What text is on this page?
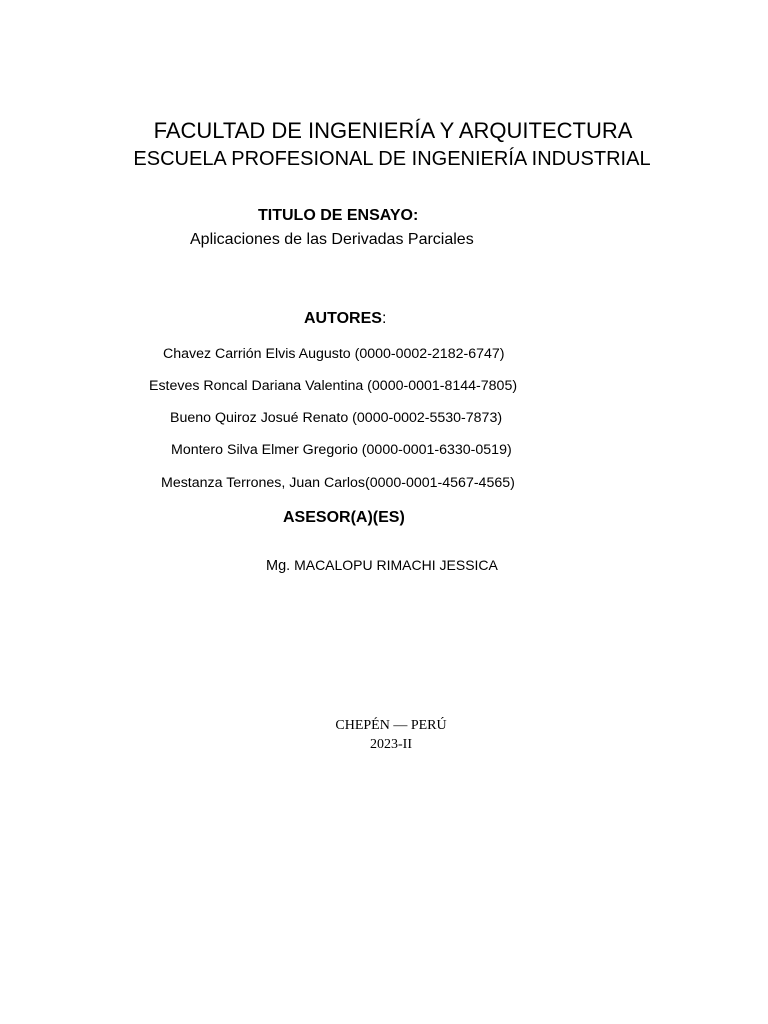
FACULTAD DE INGENIERÍA Y ARQUITECTURA
ESCUELA PROFESIONAL DE INGENIERÍA INDUSTRIAL
TITULO DE ENSAYO:
Aplicaciones de las Derivadas Parciales
AUTORES:
Chavez Carrión Elvis Augusto (0000-0002-2182-6747)
Esteves Roncal Dariana Valentina (0000-0001-8144-7805)
Bueno Quiroz Josué Renato (0000-0002-5530-7873)
Montero Silva Elmer Gregorio (0000-0001-6330-0519)
Mestanza Terrones, Juan Carlos(0000-0001-4567-4565)
ASESOR(A)(ES)
Mg. MACALOPU RIMACHI JESSICA
CHEPÉN — PERÚ
2023-II
